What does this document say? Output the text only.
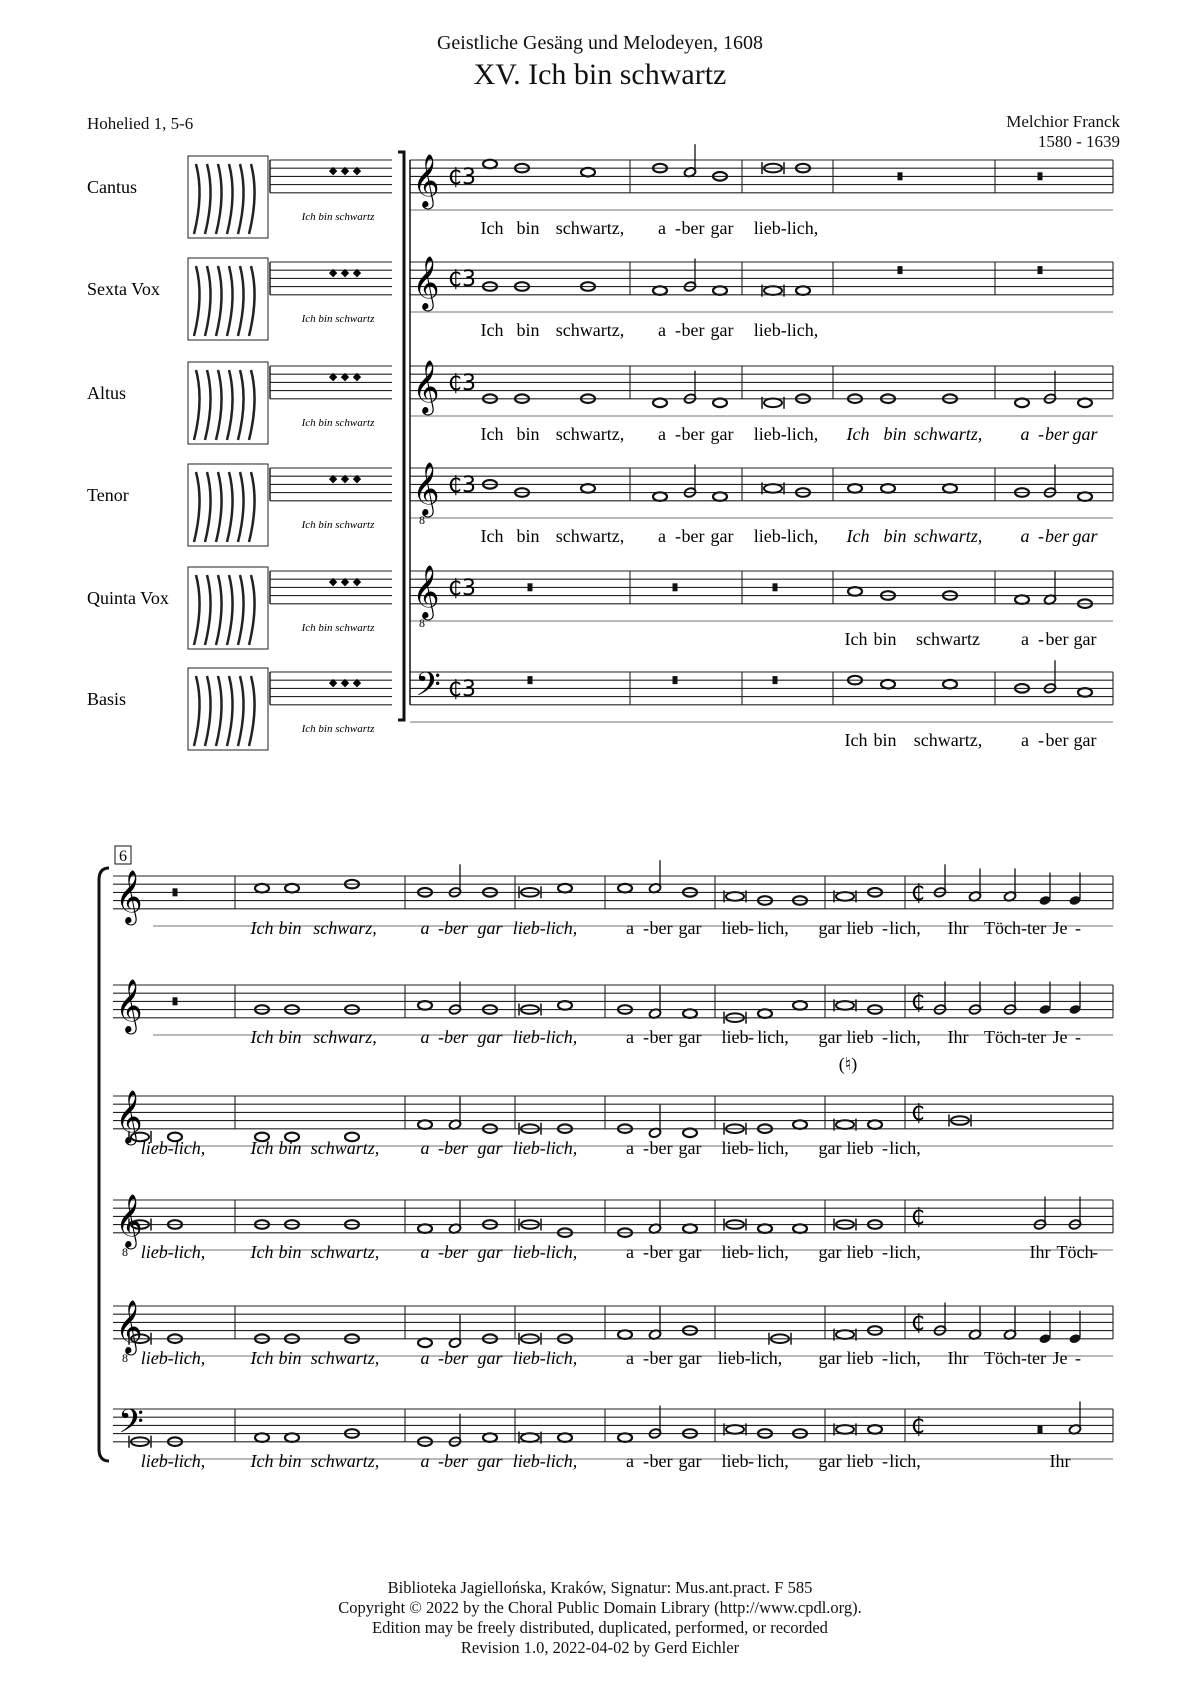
Geistliche Gesäng und Melodeyen, 1608
XV. Ich bin schwartz
Hohelied 1, 5-6	Melchior Franck
1580 - 1639
Cantus
◆ ◆ ◆
Ich bin schwartz
𝄞 ₵3
Sexta Vox
◆ ◆ ◆
Ich bin schwartz
𝄞 ₵3
Altus
◆ ◆ ◆
Ich bin schwartz
𝄞 ₵3
Tenor
◆ ◆ ◆
Ich bin schwartz
𝄞
8
₵3
Quinta Vox
◆ ◆ ◆
Ich bin schwartz
𝄞
8
₵3
Basis
◆ ◆ ◆
Ich bin schwartz
𝄢 ₵3
Ich bin schwartz, a - ber gar lieb-lich,
Ich bin schwartz, a - ber gar lieb-lich,
Ich bin schwartz, a - ber gar lieb-lich, Ich bin schwartz, a - ber gar
Ich bin schwartz, a - ber gar lieb-lich, Ich bin schwartz, a - ber gar
Ich bin schwartz a - ber gar
Ich bin schwartz, a - ber gar
6
𝄞	₵
𝄞	₵
𝄞	₵
𝄞
8
₵
𝄞
8
₵
𝄢	₵
Ich bin schwarz, a - ber gar lieb-lich,	a - ber gar lieb - lich, gar lieb - lich, Ihr Töch-ter Je -
Ich bin schwarz, a - ber gar lieb-lich,	a - ber gar lieb - lich, gar lieb - lich, Ihr Töch-ter Je -
lieb-lich,	Ich bin schwartz, a - ber gar lieb-lich,	a - ber gar lieb - lich, gar lieb - lich,
lieb-lich,	Ich bin schwartz, a - ber gar lieb-lich,	a - ber gar lieb - lich, gar lieb - lich,	Ihr Töch
-
lieb-lich,	Ich bin schwartz, a - ber gar lieb-lich,	a - ber gar lieb-lich, gar lieb - lich, Ihr Töch-ter Je -
lieb-lich,	Ich bin schwartz, a - ber gar lieb-lich,	a - ber gar lieb - lich, gar lieb - lich,	Ihr
(♮)
Biblioteka Jagiellońska, Kraków, Signatur: Mus.ant.pract. F 585
Copyright © 2022 by the Choral Public Domain Library (http://www.cpdl.org).
Edition may be freely distributed, duplicated, performed, or recorded
Revision 1.0, 2022-04-02 by Gerd Eichler
